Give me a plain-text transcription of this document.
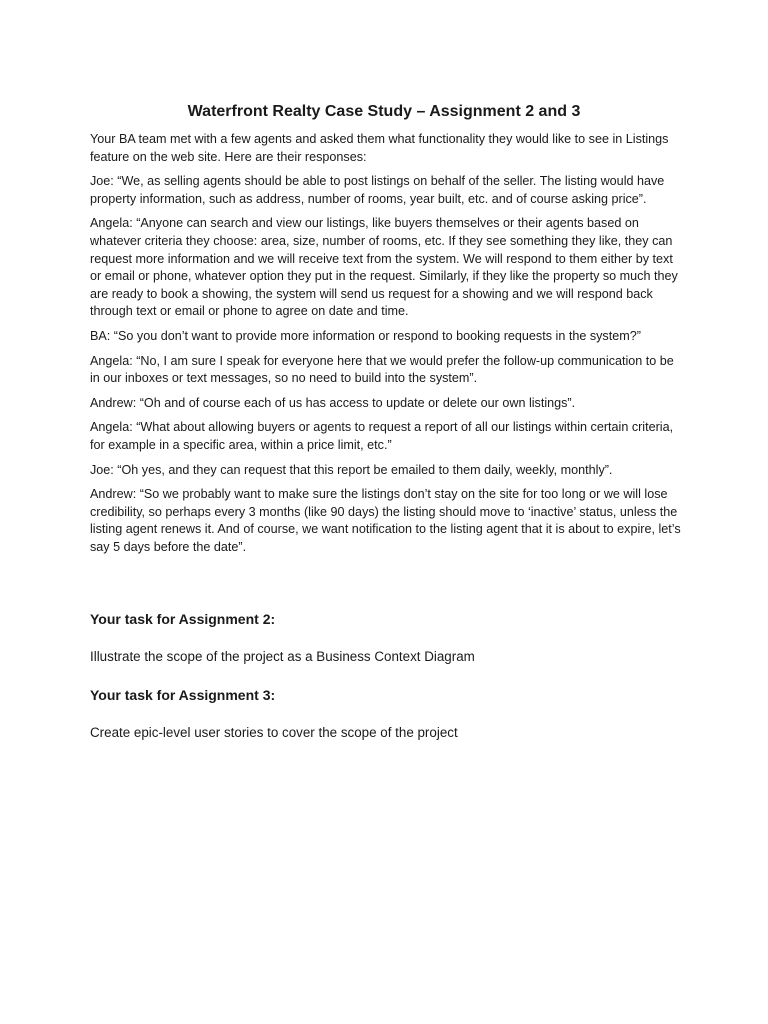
Waterfront Realty Case Study – Assignment 2 and 3

Your BA team met with a few agents and asked them what functionality they would like to see in Listings feature on the web site. Here are their responses:

Joe: “We, as selling agents should be able to post listings on behalf of the seller. The listing would have property information, such as address, number of rooms, year built, etc. and of course asking price”.

Angela: “Anyone can search and view our listings, like buyers themselves or their agents based on whatever criteria they choose: area, size, number of rooms, etc. If they see something they like, they can request more information and we will receive text from the system. We will respond to them either by text or email or phone, whatever option they put in the request. Similarly, if they like the property so much they are ready to book a showing, the system will send us request for a showing and we will respond back through text or email or phone to agree on date and time.

BA: “So you don’t want to provide more information or respond to booking requests in the system?”

Angela: “No, I am sure I speak for everyone here that we would prefer the follow-up communication to be in our inboxes or text messages, so no need to build into the system”.

Andrew: “Oh and of course each of us has access to update or delete our own listings”.

Angela: “What about allowing buyers or agents to request a report of all our listings within certain criteria, for example in a specific area, within a price limit, etc.”

Joe: “Oh yes, and they can request that this report be emailed to them daily, weekly, monthly”.

Andrew: “So we probably want to make sure the listings don’t stay on the site for too long or we will lose credibility, so perhaps every 3 months (like 90 days) the listing should move to ‘inactive’ status, unless the listing agent renews it. And of course, we want notification to the listing agent that it is about to expire, let’s say 5 days before the date”.

Your task for Assignment 2:

Illustrate the scope of the project as a Business Context Diagram

Your task for Assignment 3:

Create epic-level user stories to cover the scope of the project
